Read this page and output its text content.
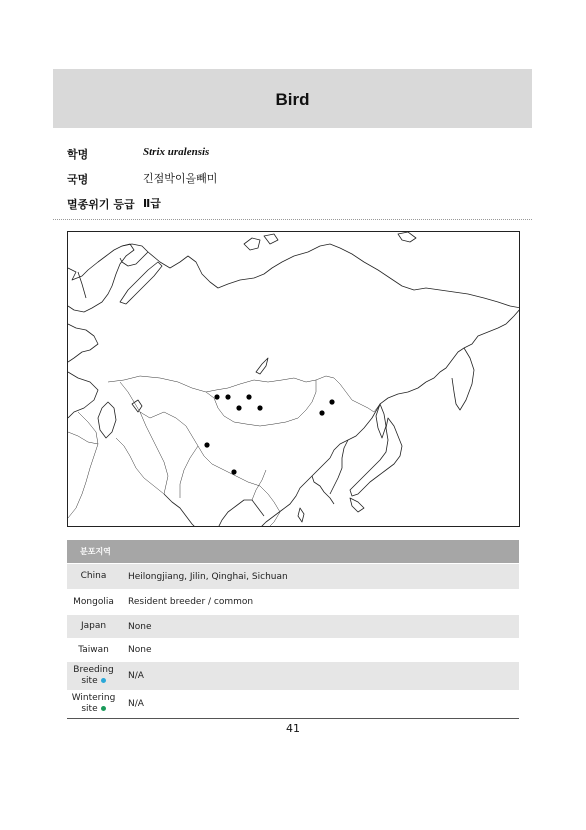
Bird
학명	Strix uralensis
국명	긴점박이올빼미
멸종위기 등급 Ⅱ급
분포지역
China	Heilongjiang, Jilin, Qinghai, Sichuan
Mongolia	Resident breeder / common
Japan	None
Taiwan	None
Breeding
site	N/A
Wintering
site	N/A
41
